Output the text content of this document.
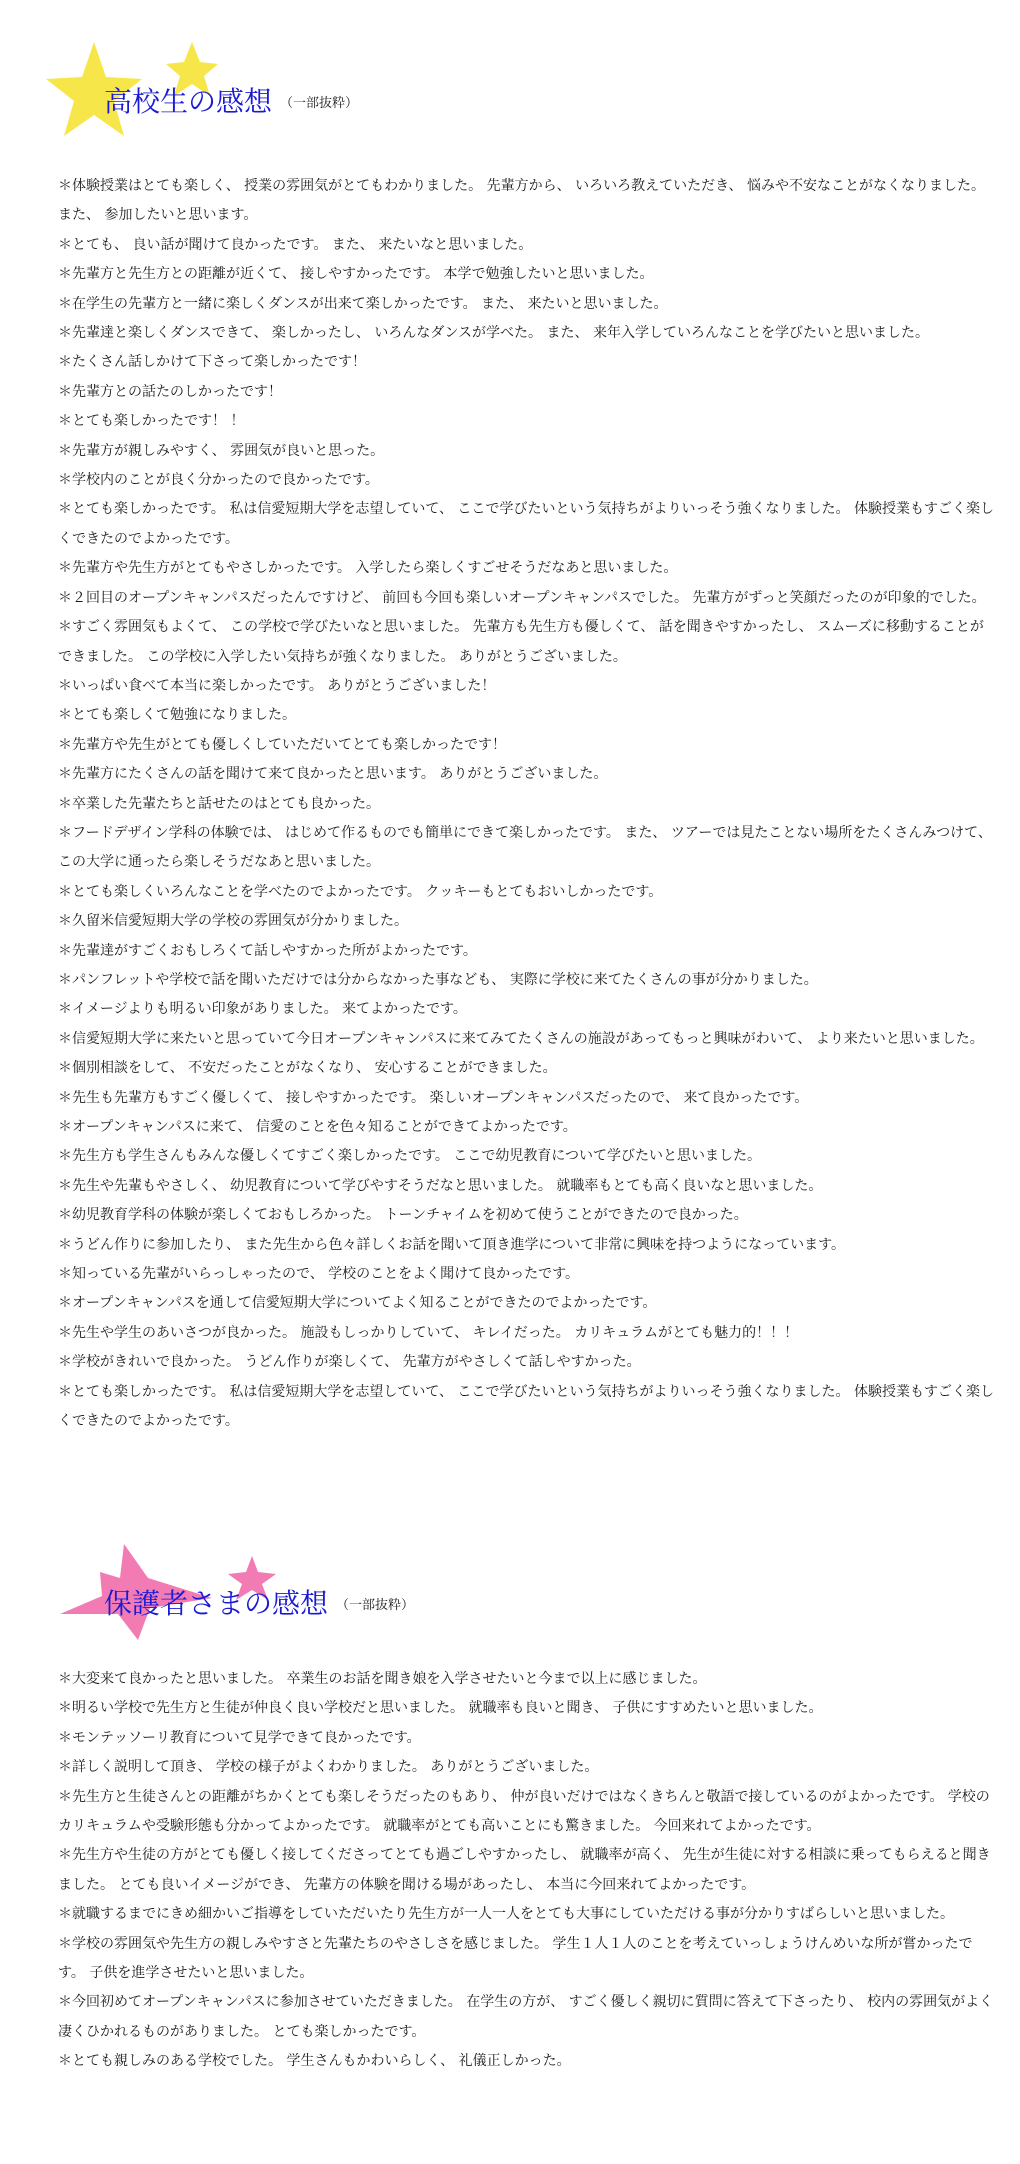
高校生の感想 （一部抜粋）
＊体験授業はとても楽しく、 授業の雰囲気がとてもわかりました。 先輩方から、 いろいろ教えていただき、 悩みや不安なことがなくなりました。 また、 参加したいと思います。
＊とても、 良い話が聞けて良かったです。 また、 来たいなと思いました。
＊先輩方と先生方との距離が近くて、 接しやすかったです。 本学で勉強したいと思いました。
＊在学生の先輩方と一緒に楽しくダンスが出来て楽しかったです。 また、 来たいと思いました。
＊先輩達と楽しくダンスできて、 楽しかったし、 いろんなダンスが学べた。 また、 来年入学していろんなことを学びたいと思いました。
＊たくさん話しかけて下さって楽しかったです！
＊先輩方との話たのしかったです！
＊とても楽しかったです！ ！
＊先輩方が親しみやすく、 雰囲気が良いと思った。
＊学校内のことが良く分かったので良かったです。
＊とても楽しかったです。 私は信愛短期大学を志望していて、 ここで学びたいという気持ちがよりいっそう強くなりました。 体験授業もすごく楽しくできたのでよかったです。
＊先輩方や先生方がとてもやさしかったです。 入学したら楽しくすごせそうだなあと思いました。
＊２回目のオープンキャンパスだったんですけど、 前回も今回も楽しいオープンキャンパスでした。 先輩方がずっと笑顔だったのが印象的でした。
＊すごく雰囲気もよくて、 この学校で学びたいなと思いました。 先輩方も先生方も優しくて、 話を聞きやすかったし、 スムーズに移動することができました。 この学校に入学したい気持ちが強くなりました。 ありがとうございました。
＊いっぱい食べて本当に楽しかったです。 ありがとうございました！
＊とても楽しくて勉強になりました。
＊先輩方や先生がとても優しくしていただいてとても楽しかったです！
＊先輩方にたくさんの話を聞けて来て良かったと思います。 ありがとうございました。
＊卒業した先輩たちと話せたのはとても良かった。
＊フードデザイン学科の体験では、 はじめて作るものでも簡単にできて楽しかったです。 また、 ツアーでは見たことない場所をたくさんみつけて、 この大学に通ったら楽しそうだなあと思いました。
＊とても楽しくいろんなことを学べたのでよかったです。 クッキーもとてもおいしかったです。
＊久留米信愛短期大学の学校の雰囲気が分かりました。
＊先輩達がすごくおもしろくて話しやすかった所がよかったです。
＊パンフレットや学校で話を聞いただけでは分からなかった事なども、 実際に学校に来てたくさんの事が分かりました。
＊イメージよりも明るい印象がありました。 来てよかったです。
＊信愛短期大学に来たいと思っていて今日オープンキャンパスに来てみてたくさんの施設があってもっと興味がわいて、 より来たいと思いました。
＊個別相談をして、 不安だったことがなくなり、 安心することができました。
＊先生も先輩方もすごく優しくて、 接しやすかったです。 楽しいオープンキャンパスだったので、 来て良かったです。
＊オープンキャンパスに来て、 信愛のことを色々知ることができてよかったです。
＊先生方も学生さんもみんな優しくてすごく楽しかったです。 ここで幼児教育について学びたいと思いました。
＊先生や先輩もやさしく、 幼児教育について学びやすそうだなと思いました。 就職率もとても高く良いなと思いました。
＊幼児教育学科の体験が楽しくておもしろかった。 トーンチャイムを初めて使うことができたので良かった。
＊うどん作りに参加したり、 また先生から色々詳しくお話を聞いて頂き進学について非常に興味を持つようになっています。
＊知っている先輩がいらっしゃったので、 学校のことをよく聞けて良かったです。
＊オープンキャンパスを通して信愛短期大学についてよく知ることができたのでよかったです。
＊先生や学生のあいさつが良かった。 施設もしっかりしていて、 キレイだった。 カリキュラムがとても魅力的！！！
＊学校がきれいで良かった。 うどん作りが楽しくて、 先輩方がやさしくて話しやすかった。
＊とても楽しかったです。 私は信愛短期大学を志望していて、 ここで学びたいという気持ちがよりいっそう強くなりました。 体験授業もすごく楽しくできたのでよかったです。
保護者さまの感想 （一部抜粋）
＊大変来て良かったと思いました。 卒業生のお話を聞き娘を入学させたいと今まで以上に感じました。
＊明るい学校で先生方と生徒が仲良く良い学校だと思いました。 就職率も良いと聞き、 子供にすすめたいと思いました。
＊モンテッソーリ教育について見学できて良かったです。
＊詳しく説明して頂き、 学校の様子がよくわかりました。 ありがとうございました。
＊先生方と生徒さんとの距離がちかくとても楽しそうだったのもあり、 仲が良いだけではなくきちんと敬語で接しているのがよかったです。 学校のカリキュラムや受験形態も分かってよかったです。 就職率がとても高いことにも驚きました。 今回来れてよかったです。
＊先生方や生徒の方がとても優しく接してくださってとても過ごしやすかったし、 就職率が高く、 先生が生徒に対する相談に乗ってもらえると聞きました。 とても良いイメージができ、 先輩方の体験を聞ける場があったし、 本当に今回来れてよかったです。
＊就職するまでにきめ細かいご指導をしていただいたり先生方が一人一人をとても大事にしていただける事が分かりすばらしいと思いました。
＊学校の雰囲気や先生方の親しみやすさと先輩たちのやさしさを感じました。 学生１人１人のことを考えていっしょうけんめいな所が嘗かったです。 子供を進学させたいと思いました。
＊今回初めてオープンキャンパスに参加させていただきました。 在学生の方が、 すごく優しく親切に質問に答えて下さったり、 校内の雰囲気がよく凄くひかれるものがありました。 とても楽しかったです。
＊とても親しみのある学校でした。 学生さんもかわいらしく、 礼儀正しかった。
